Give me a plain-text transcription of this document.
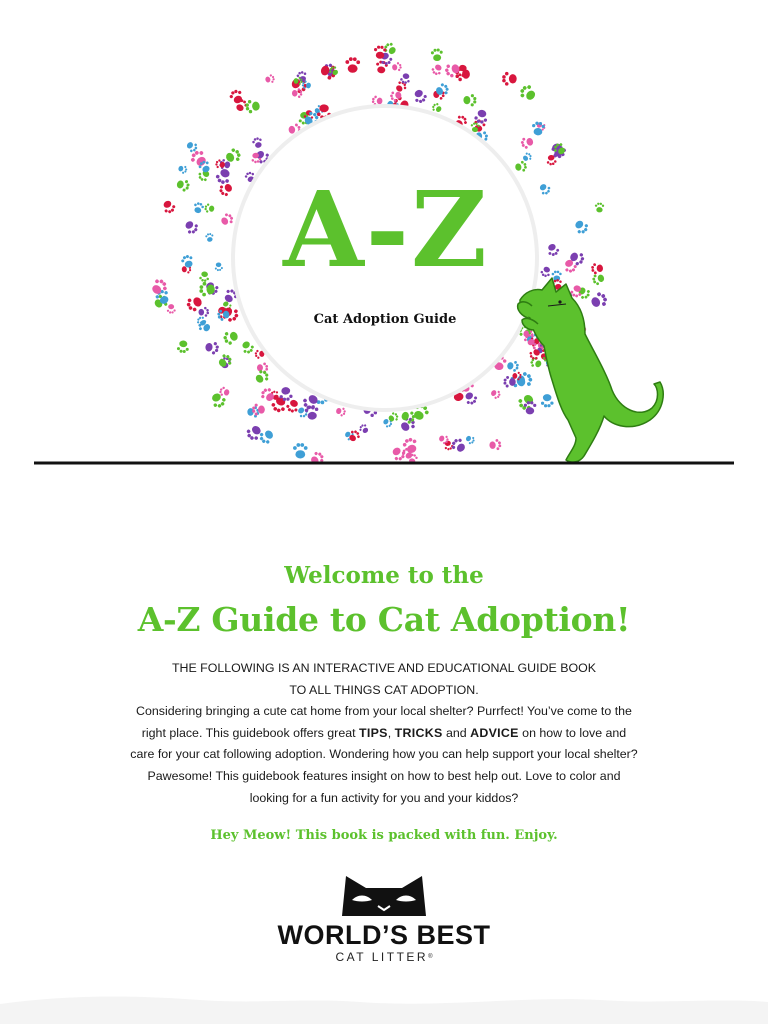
A-Z
Cat Adoption Guide
Welcome to the
A-Z Guide to Cat Adoption!

THE FOLLOWING IS AN INTERACTIVE AND EDUCATIONAL GUIDE BOOK

TO ALL THINGS CAT ADOPTION.

Considering bringing a cute cat home from your local shelter? Purrfect! You’ve come to the right place. This guidebook offers great TIPS, TRICKS and ADVICE on how to love and care for your cat following adoption. Wondering how you can help support your local shelter? Pawesome! This guidebook features insight on how to best help out. Love to color and looking for a fun activity for you and your kiddos?

Hey Meow! This book is packed with fun. Enjoy.
WORLD’S BEST
CAT LITTER®
